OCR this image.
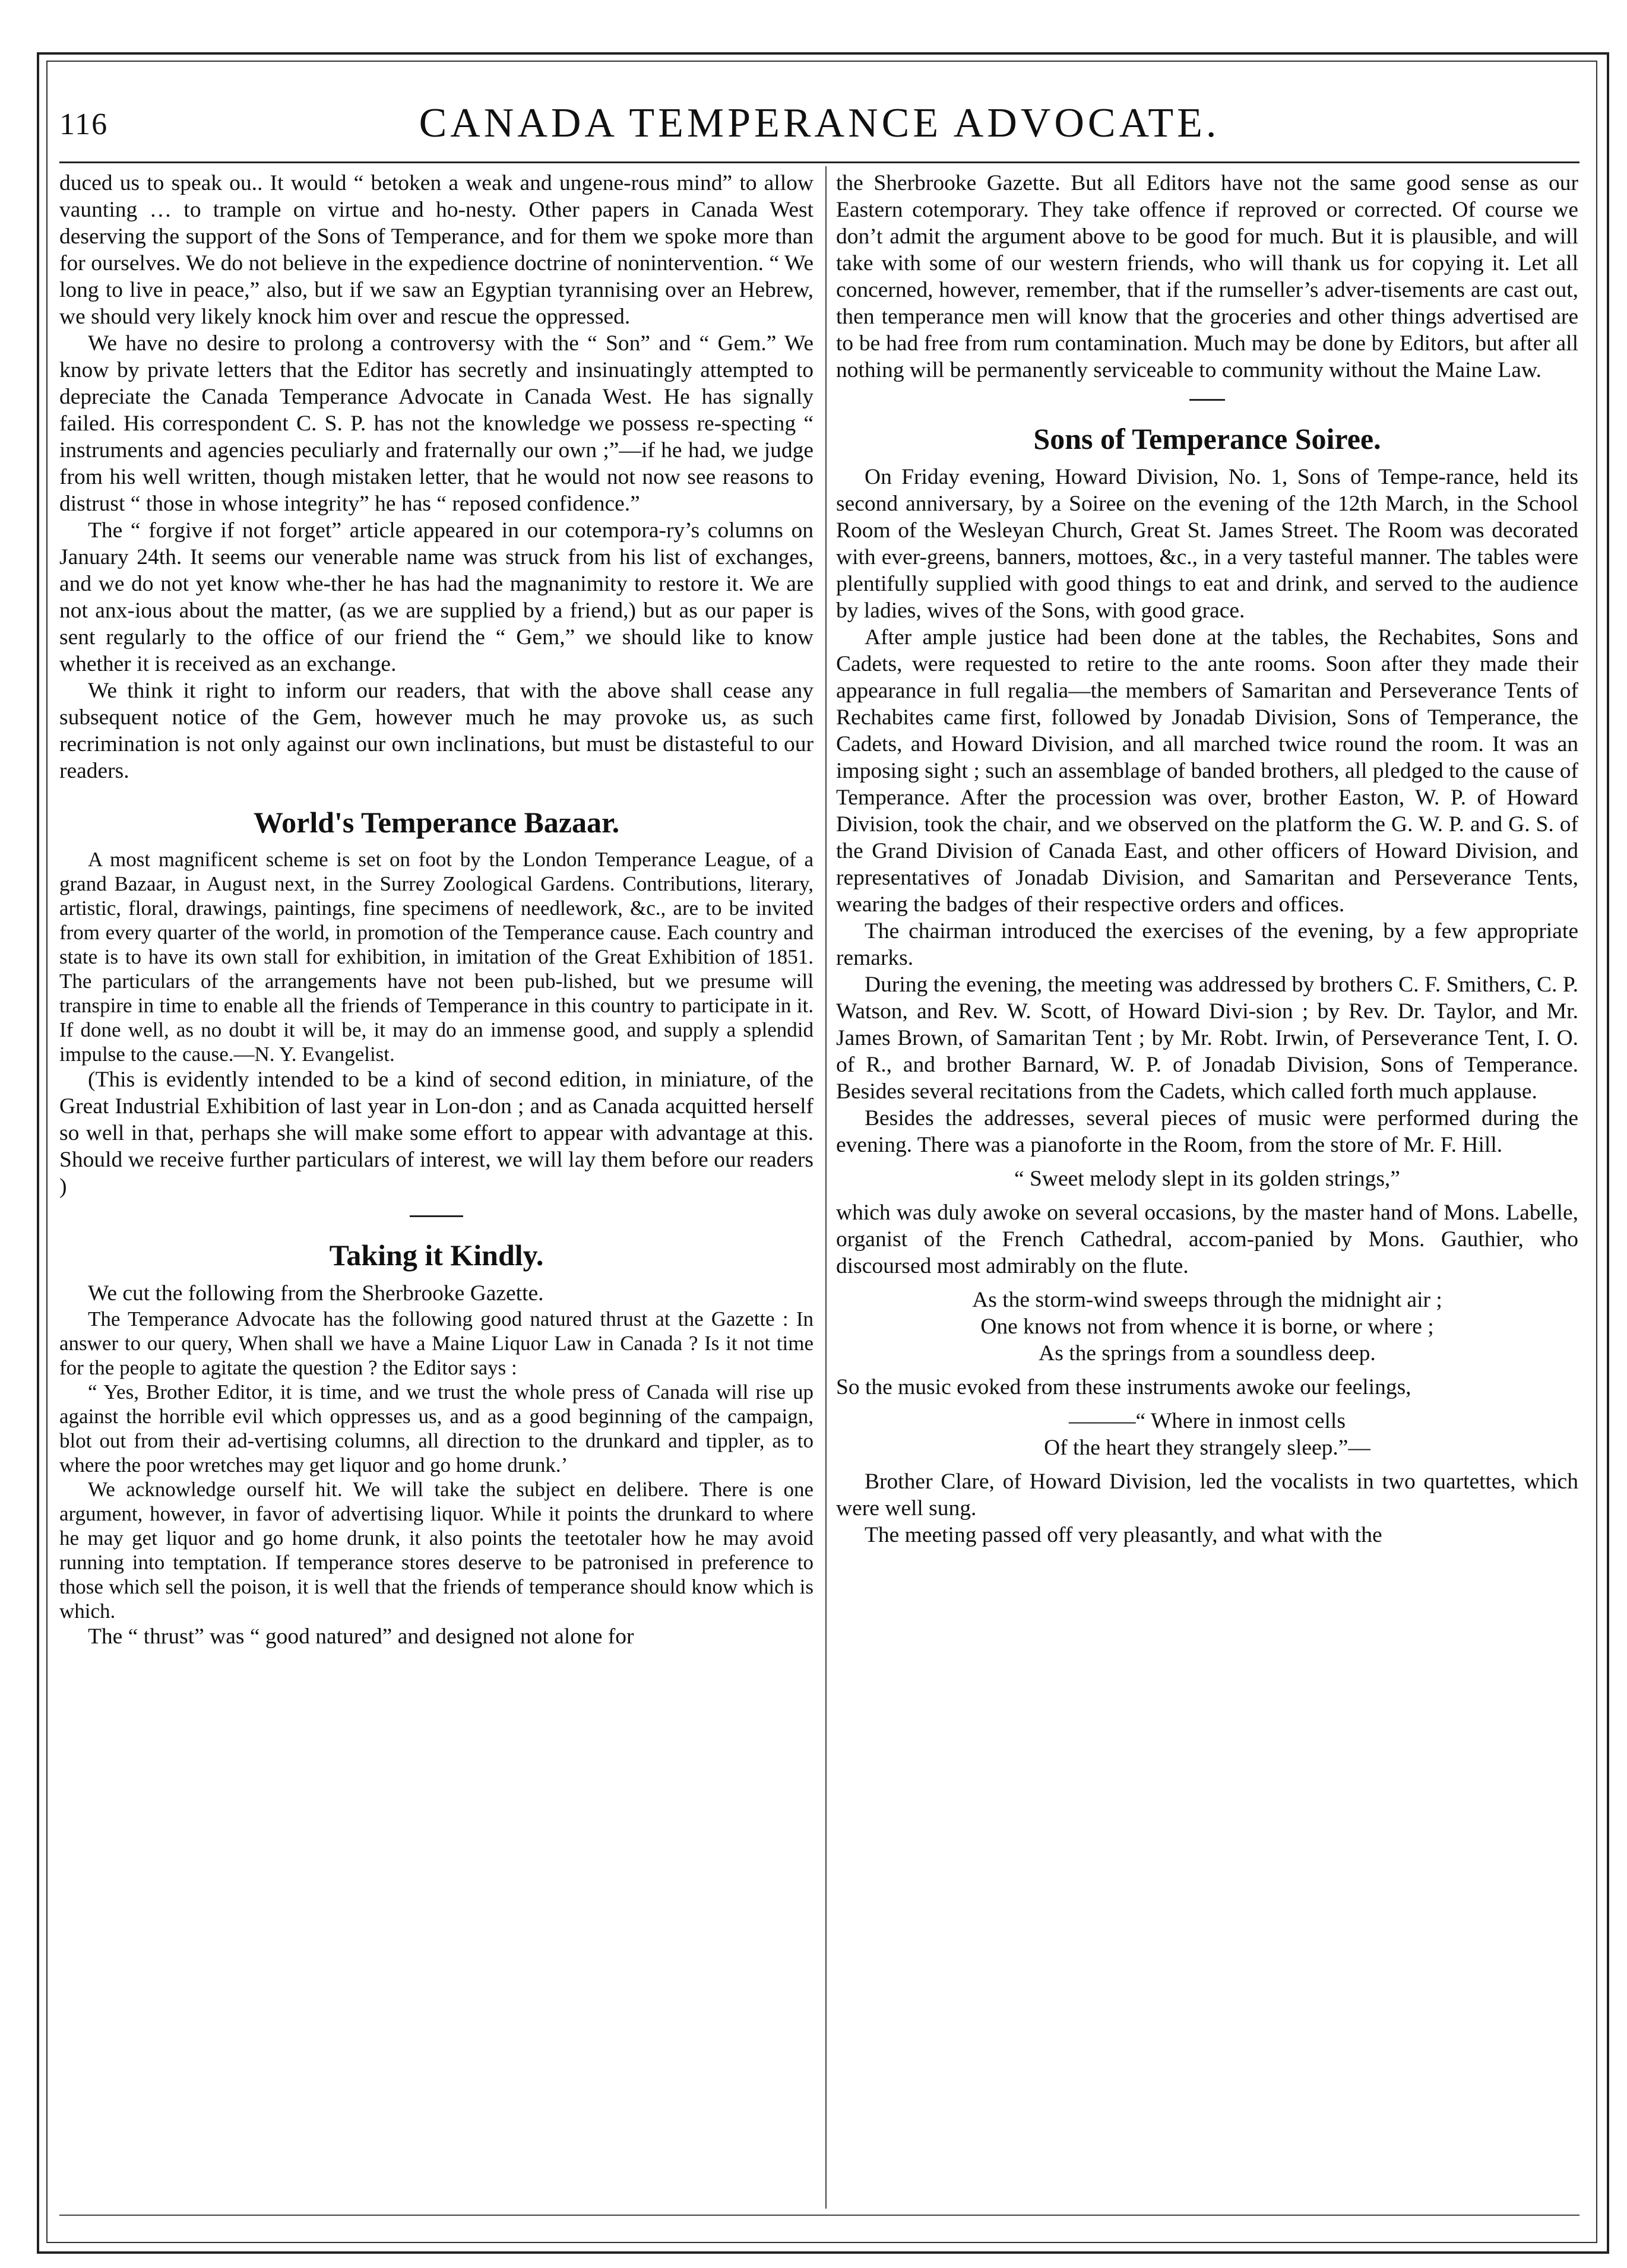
116	CANADA TEMPERANCE ADVOCATE.

duced us to speak ou.. It would “ betoken a weak and ungene-rous mind” to allow vaunting … to trample on virtue and ho-nesty. Other papers in Canada West deserving the support of the Sons of Temperance, and for them we spoke more than for ourselves. We do not believe in the expedience doctrine of nonintervention. “ We long to live in peace,” also, but if we saw an Egyptian tyrannising over an Hebrew, we should very likely knock him over and rescue the oppressed.

We have no desire to prolong a controversy with the “ Son” and “ Gem.” We know by private letters that the Editor has secretly and insinuatingly attempted to depreciate the Canada Temperance Advocate in Canada West. He has signally failed. His correspondent C. S. P. has not the knowledge we possess re-specting “ instruments and agencies peculiarly and fraternally our own ;”—if he had, we judge from his well written, though mistaken letter, that he would not now see reasons to distrust “ those in whose integrity” he has “ reposed confidence.”

The “ forgive if not forget” article appeared in our cotempora-ry’s columns on January 24th. It seems our venerable name was struck from his list of exchanges, and we do not yet know whe-ther he has had the magnanimity to restore it. We are not anx-ious about the matter, (as we are supplied by a friend,) but as our paper is sent regularly to the office of our friend the “ Gem,” we should like to know whether it is received as an exchange.

We think it right to inform our readers, that with the above shall cease any subsequent notice of the Gem, however much he may provoke us, as such recrimination is not only against our own inclinations, but must be distasteful to our readers.

World's Temperance Bazaar.

A most magnificent scheme is set on foot by the London Temperance League, of a grand Bazaar, in August next, in the Surrey Zoological Gardens. Contributions, literary, artistic, floral, drawings, paintings, fine specimens of needlework, &c., are to be invited from every quarter of the world, in promotion of the Temperance cause. Each country and state is to have its own stall for exhibition, in imitation of the Great Exhibition of 1851. The particulars of the arrangements have not been pub-lished, but we presume will transpire in time to enable all the friends of Temperance in this country to participate in it. If done well, as no doubt it will be, it may do an immense good, and supply a splendid impulse to the cause.—N. Y. Evangelist.

(This is evidently intended to be a kind of second edition, in miniature, of the Great Industrial Exhibition of last year in Lon-don ; and as Canada acquitted herself so well in that, perhaps she will make some effort to appear with advantage at this. Should we receive further particulars of interest, we will lay them before our readers )

Taking it Kindly.

We cut the following from the Sherbrooke Gazette.

The Temperance Advocate has the following good natured thrust at the Gazette : In answer to our query, When shall we have a Maine Liquor Law in Canada ? Is it not time for the people to agitate the question ? the Editor says :

“ Yes, Brother Editor, it is time, and we trust the whole press of Canada will rise up against the horrible evil which oppresses us, and as a good beginning of the campaign, blot out from their ad-vertising columns, all direction to the drunkard and tippler, as to where the poor wretches may get liquor and go home drunk.’

We acknowledge ourself hit. We will take the subject en delibere. There is one argument, however, in favor of advertising liquor. While it points the drunkard to where he may get liquor and go home drunk, it also points the teetotaler how he may avoid running into temptation. If temperance stores deserve to be patronised in preference to those which sell the poison, it is well that the friends of temperance should know which is which.

The “ thrust” was “ good natured” and designed not alone for

the Sherbrooke Gazette. But all Editors have not the same good sense as our Eastern cotemporary. They take offence if reproved or corrected. Of course we don’t admit the argument above to be good for much. But it is plausible, and will take with some of our western friends, who will thank us for copying it. Let all concerned, however, remember, that if the rumseller’s adver-tisements are cast out, then temperance men will know that the groceries and other things advertised are to be had free from rum contamination. Much may be done by Editors, but after all nothing will be permanently serviceable to community without the Maine Law.

Sons of Temperance Soiree.

On Friday evening, Howard Division, No. 1, Sons of Tempe-rance, held its second anniversary, by a Soiree on the evening of the 12th March, in the School Room of the Wesleyan Church, Great St. James Street. The Room was decorated with ever-greens, banners, mottoes, &c., in a very tasteful manner. The tables were plentifully supplied with good things to eat and drink, and served to the audience by ladies, wives of the Sons, with good grace.

After ample justice had been done at the tables, the Rechabites, Sons and Cadets, were requested to retire to the ante rooms. Soon after they made their appearance in full regalia—the members of Samaritan and Perseverance Tents of Rechabites came first, followed by Jonadab Division, Sons of Temperance, the Cadets, and Howard Division, and all marched twice round the room. It was an imposing sight ; such an assemblage of banded brothers, all pledged to the cause of Temperance. After the procession was over, brother Easton, W. P. of Howard Division, took the chair, and we observed on the platform the G. W. P. and G. S. of the Grand Division of Canada East, and other officers of Howard Division, and representatives of Jonadab Division, and Samaritan and Perseverance Tents, wearing the badges of their respective orders and offices.

The chairman introduced the exercises of the evening, by a few appropriate remarks.

During the evening, the meeting was addressed by brothers C. F. Smithers, C. P. Watson, and Rev. W. Scott, of Howard Divi-sion ; by Rev. Dr. Taylor, and Mr. James Brown, of Samaritan Tent ; by Mr. Robt. Irwin, of Perseverance Tent, I. O. of R., and brother Barnard, W. P. of Jonadab Division, Sons of Temperance. Besides several recitations from the Cadets, which called forth much applause.

Besides the addresses, several pieces of music were performed during the evening. There was a pianoforte in the Room, from the store of Mr. F. Hill.

“ Sweet melody slept in its golden strings,”

which was duly awoke on several occasions, by the master hand of Mons. Labelle, organist of the French Cathedral, accom-panied by Mons. Gauthier, who discoursed most admirably on the flute.

As the storm-wind sweeps through the midnight air ;
One knows not from whence it is borne, or where ;
As the springs from a soundless deep.

So the music evoked from these instruments awoke our feelings,

———“ Where in inmost cells
Of the heart they strangely sleep.”—

Brother Clare, of Howard Division, led the vocalists in two quartettes, which were well sung.

The meeting passed off very pleasantly, and what with the
